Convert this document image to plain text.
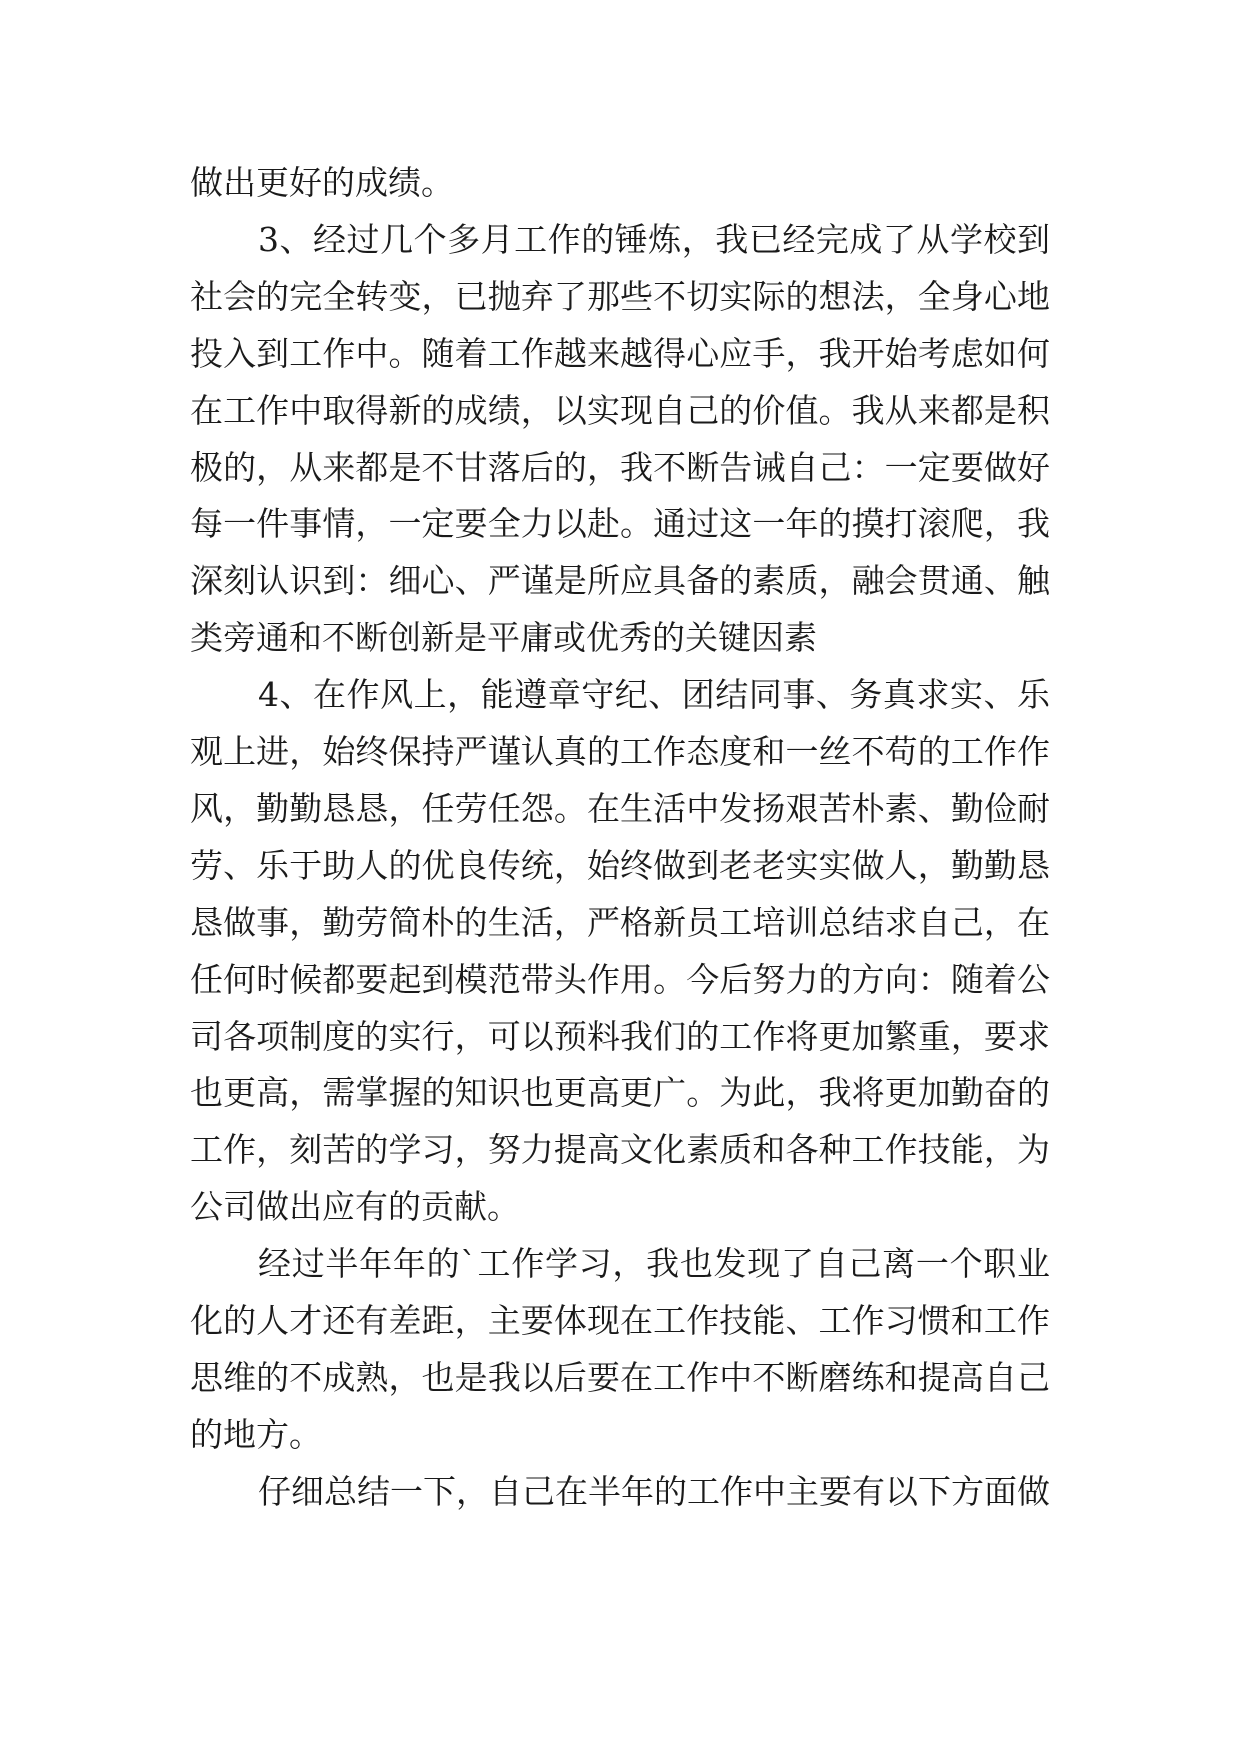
做出更好的成绩。
3、经过几个多月工作的锤炼，我已经完成了从学校到
社会的完全转变，已抛弃了那些不切实际的想法，全身心地
投入到工作中。随着工作越来越得心应手，我开始考虑如何
在工作中取得新的成绩，以实现自己的价值。我从来都是积
极的，从来都是不甘落后的，我不断告诫自己：一定要做好
每一件事情，一定要全力以赴。通过这一年的摸打滚爬，我
深刻认识到：细心、严谨是所应具备的素质，融会贯通、触
类旁通和不断创新是平庸或优秀的关键因素
4、在作风上，能遵章守纪、团结同事、务真求实、乐
观上进，始终保持严谨认真的工作态度和一丝不苟的工作作
风，勤勤恳恳，任劳任怨。在生活中发扬艰苦朴素、勤俭耐
劳、乐于助人的优良传统，始终做到老老实实做人，勤勤恳
恳做事，勤劳简朴的生活，严格新员工培训总结求自己，在
任何时候都要起到模范带头作用。今后努力的方向：随着公
司各项制度的实行，可以预料我们的工作将更加繁重，要求
也更高，需掌握的知识也更高更广。为此，我将更加勤奋的
工作，刻苦的学习，努力提高文化素质和各种工作技能，为
公司做出应有的贡献。
经过半年年的`工作学习，我也发现了自己离一个职业
化的人才还有差距，主要体现在工作技能、工作习惯和工作
思维的不成熟，也是我以后要在工作中不断磨练和提高自己
的地方。
仔细总结一下，自己在半年的工作中主要有以下方面做
